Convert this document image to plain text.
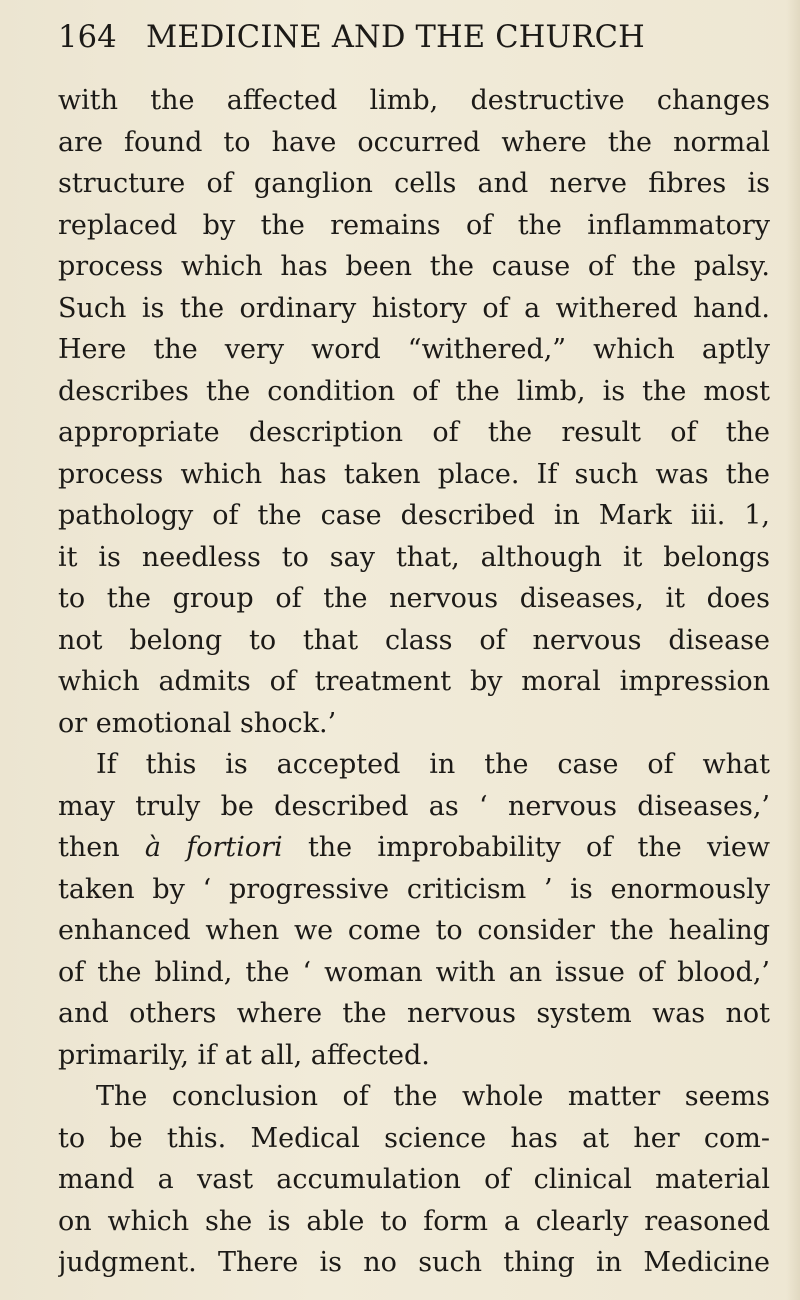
164 MEDICINE AND THE CHURCH
with the affected limb, destructive changes
are found to have occurred where the normal
structure of ganglion cells and nerve fibres is
replaced by the remains of the inflammatory
process which has been the cause of the palsy.
Such is the ordinary history of a withered hand.
Here the very word “withered,” which aptly
describes the condition of the limb, is the most
appropriate description of the result of the
process which has taken place. If such was the
pathology of the case described in Mark iii. 1,
it is needless to say that, although it belongs
to the group of the nervous diseases, it does
not belong to that class of nervous disease
which admits of treatment by moral impression
or emotional shock.’
If this is accepted in the case of what
may truly be described as ‘ nervous diseases,’
then à fortiori the improbability of the view
taken by ‘ progressive criticism ’ is enormously
enhanced when we come to consider the healing
of the blind, the ‘ woman with an issue of blood,’
and others where the nervous system was not
primarily, if at all, affected.
The conclusion of the whole matter seems
to be this. Medical science has at her com-
mand a vast accumulation of clinical material
on which she is able to form a clearly reasoned
judgment. There is no such thing in Medicine
